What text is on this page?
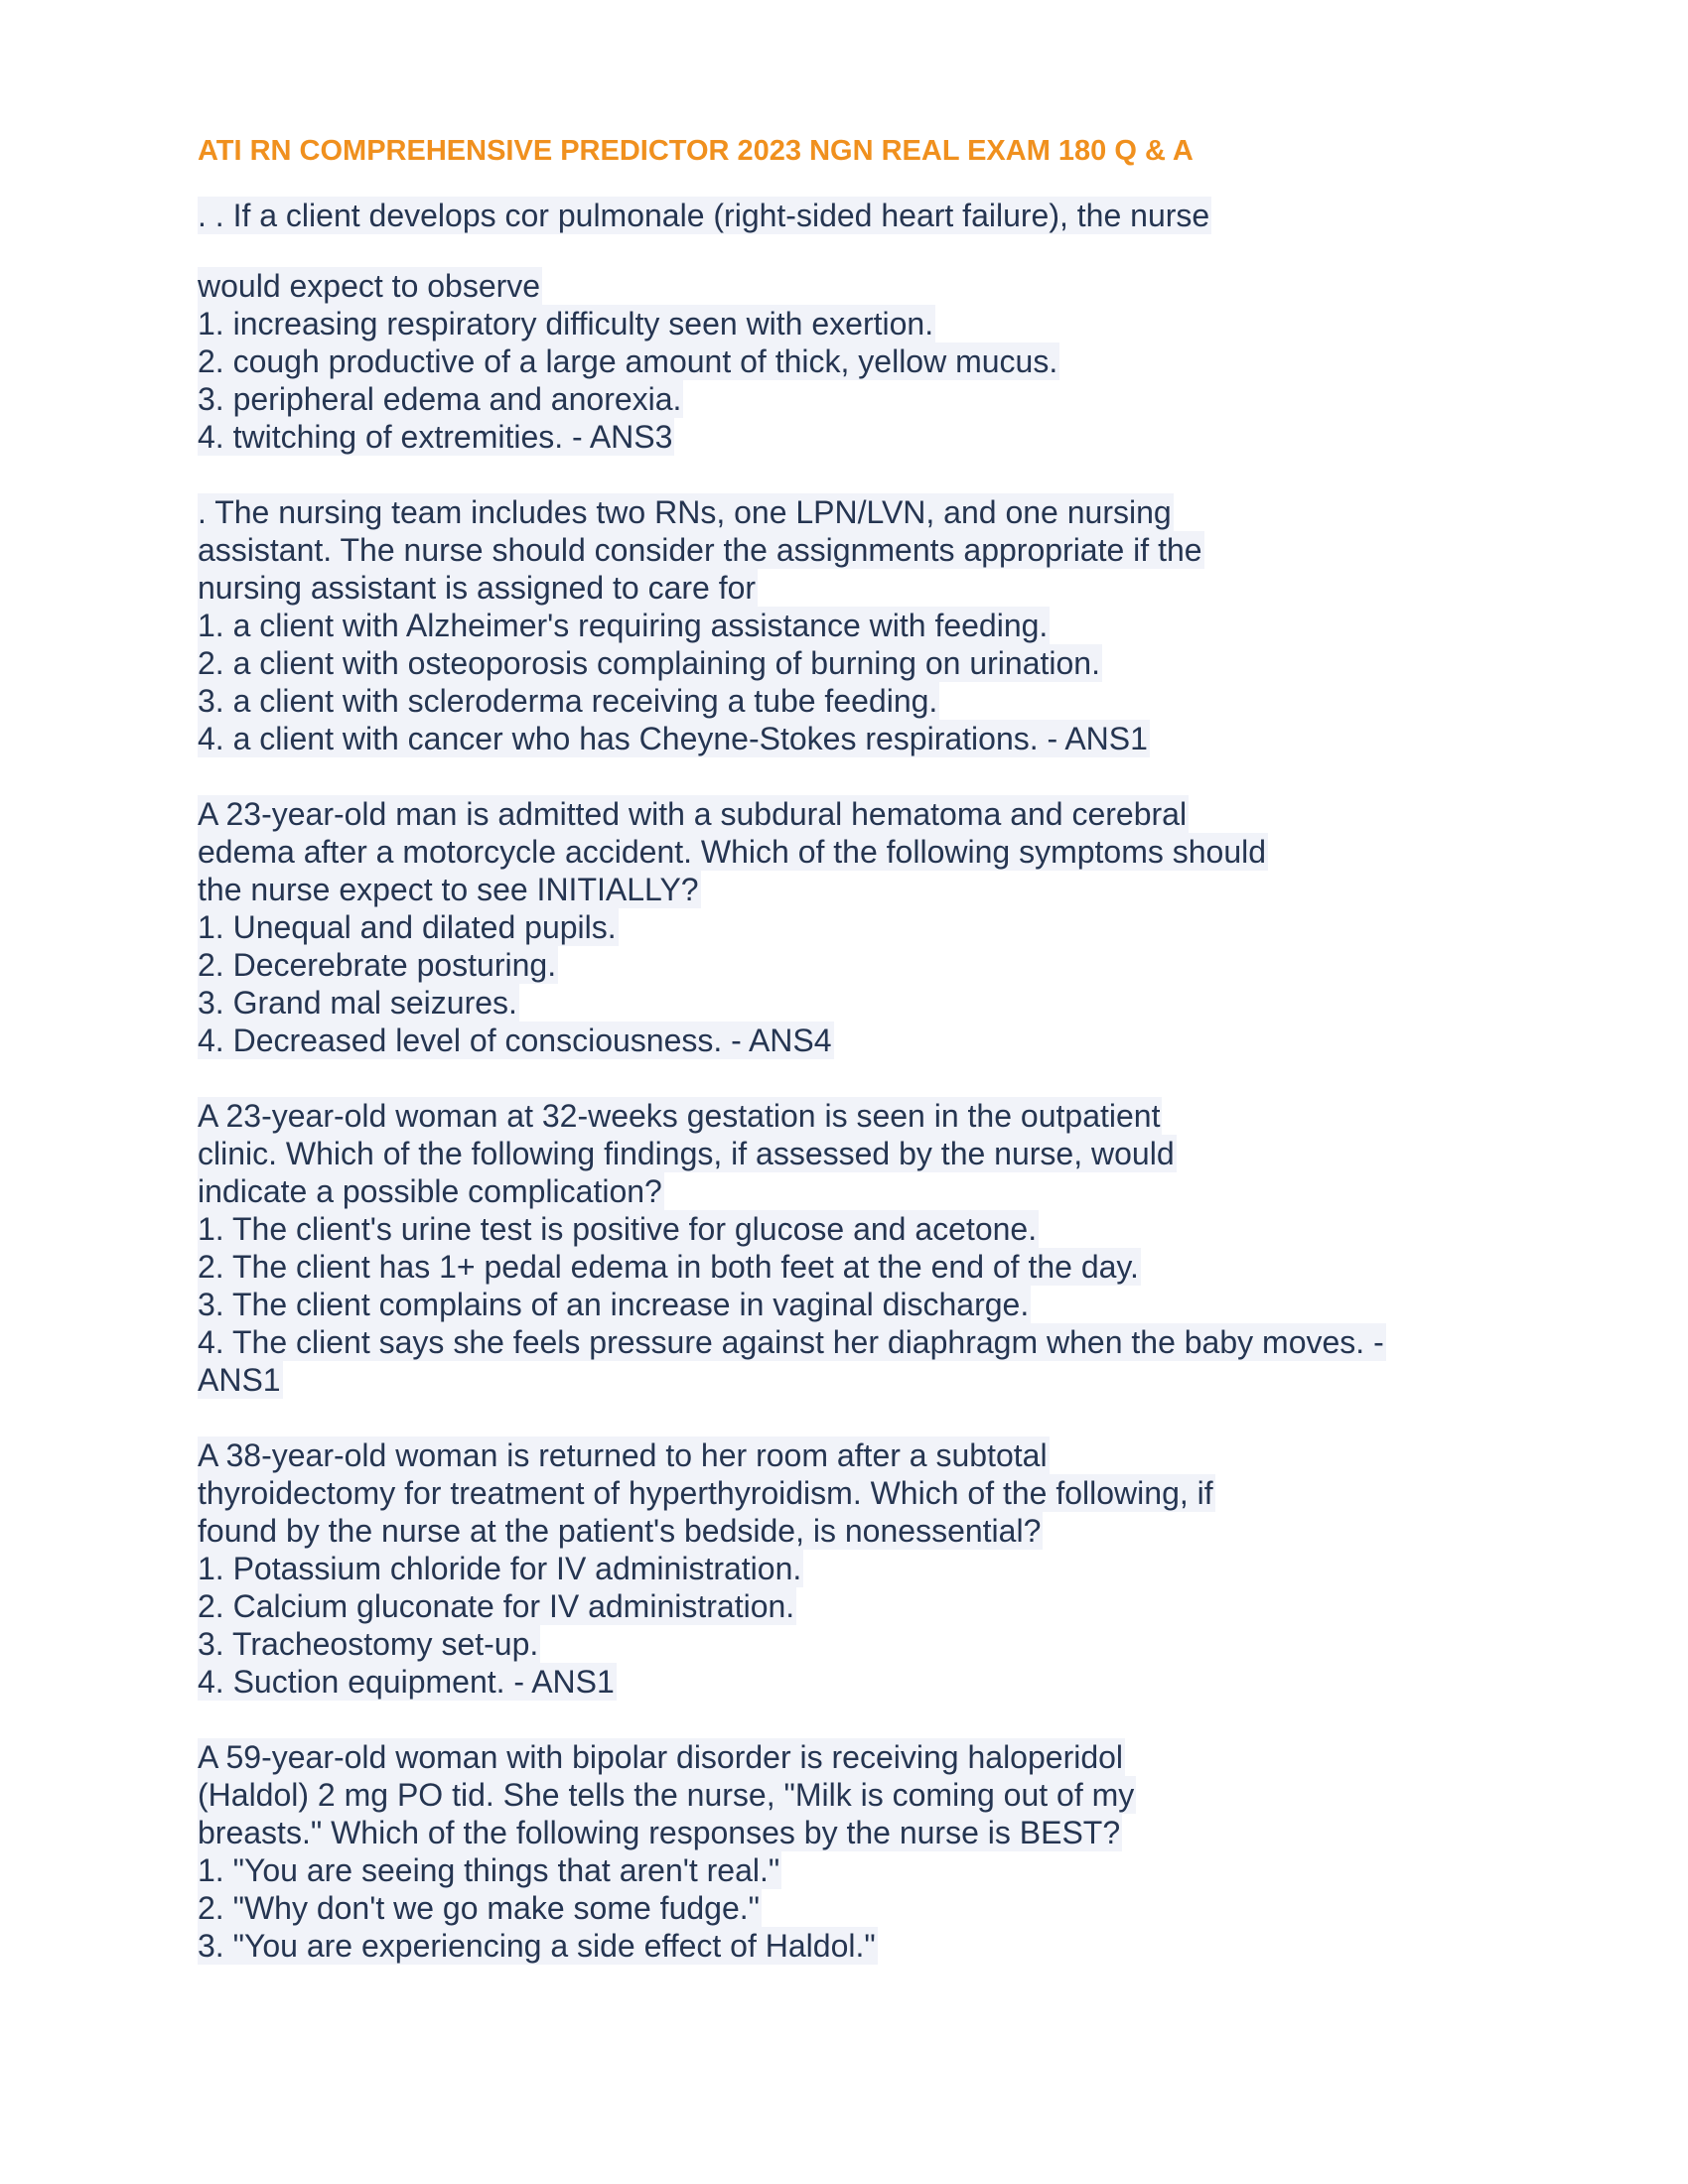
ATI RN COMPREHENSIVE PREDICTOR 2023 NGN REAL EXAM 180 Q & A
. . If a client develops cor pulmonale (right-sided heart failure), the nurse
would expect to observe
1. increasing respiratory difficulty seen with exertion.
2. cough productive of a large amount of thick, yellow mucus.
3. peripheral edema and anorexia.
4. twitching of extremities. - ANS3
. The nursing team includes two RNs, one LPN/LVN, and one nursing
assistant. The nurse should consider the assignments appropriate if the
nursing assistant is assigned to care for
1. a client with Alzheimer's requiring assistance with feeding.
2. a client with osteoporosis complaining of burning on urination.
3. a client with scleroderma receiving a tube feeding.
4. a client with cancer who has Cheyne-Stokes respirations. - ANS1
A 23-year-old man is admitted with a subdural hematoma and cerebral
edema after a motorcycle accident. Which of the following symptoms should
the nurse expect to see INITIALLY?
1. Unequal and dilated pupils.
2. Decerebrate posturing.
3. Grand mal seizures.
4. Decreased level of consciousness. - ANS4
A 23-year-old woman at 32-weeks gestation is seen in the outpatient
clinic. Which of the following findings, if assessed by the nurse, would
indicate a possible complication?
1. The client's urine test is positive for glucose and acetone.
2. The client has 1+ pedal edema in both feet at the end of the day.
3. The client complains of an increase in vaginal discharge.
4. The client says she feels pressure against her diaphragm when the baby moves. -
ANS1
A 38-year-old woman is returned to her room after a subtotal
thyroidectomy for treatment of hyperthyroidism. Which of the following, if
found by the nurse at the patient's bedside, is nonessential?
1. Potassium chloride for IV administration.
2. Calcium gluconate for IV administration.
3. Tracheostomy set-up.
4. Suction equipment. - ANS1
A 59-year-old woman with bipolar disorder is receiving haloperidol
(Haldol) 2 mg PO tid. She tells the nurse, "Milk is coming out of my
breasts." Which of the following responses by the nurse is BEST?
1. "You are seeing things that aren't real."
2. "Why don't we go make some fudge."
3. "You are experiencing a side effect of Haldol."
